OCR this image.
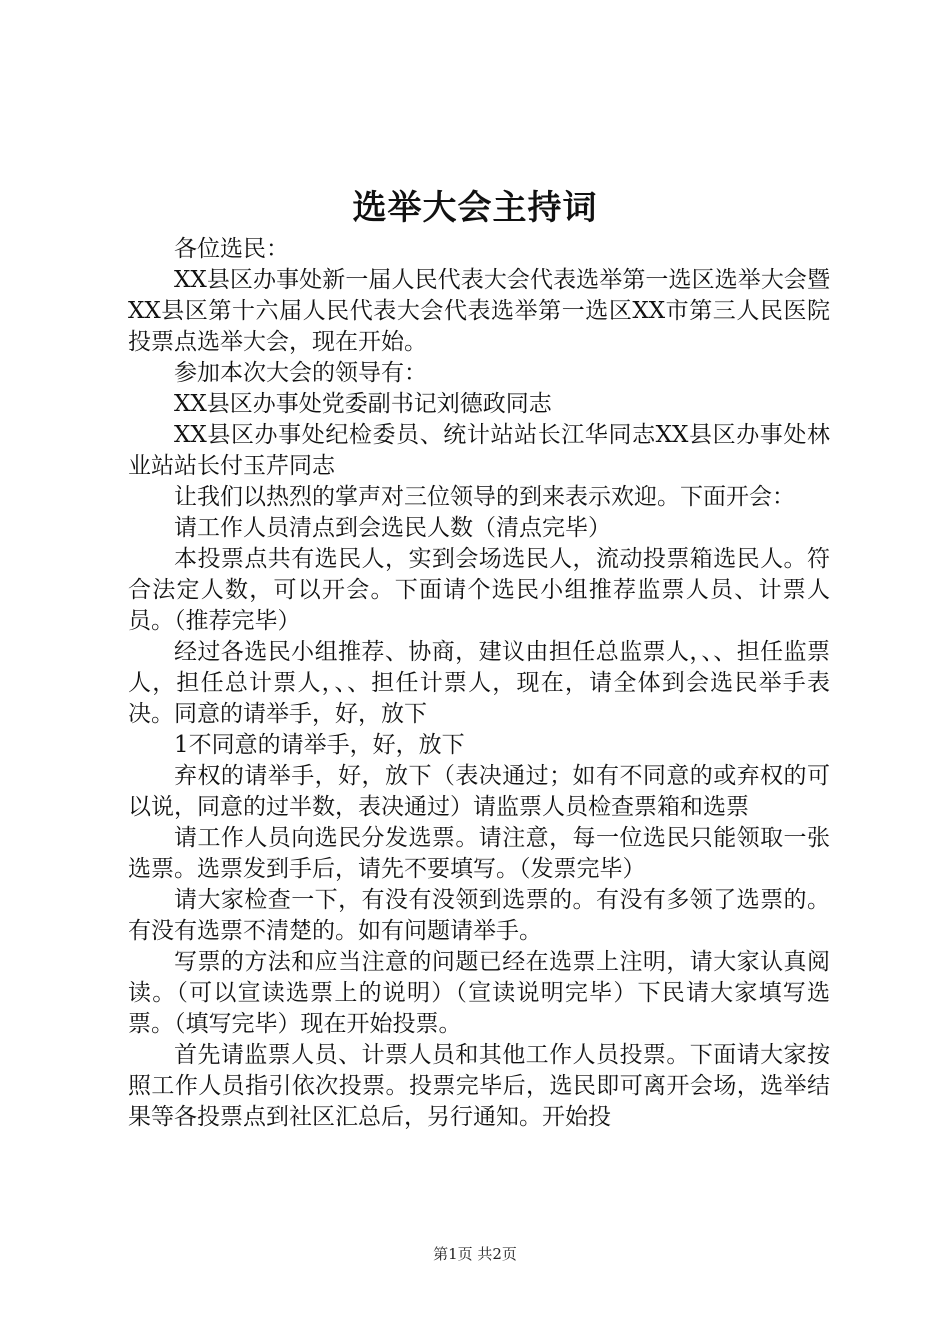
选举大会主持词

各位选民：

XX县区办事处新一届人民代表大会代表选举第一选区选举大会暨XX县区第十六届人民代表大会代表选举第一选区XX市第三人民医院投票点选举大会，现在开始。

参加本次大会的领导有：

XX县区办事处党委副书记刘德政同志

XX县区办事处纪检委员、统计站站长江华同志XX县区办事处林业站站长付玉芹同志

让我们以热烈的掌声对三位领导的到来表示欢迎。下面开会：

请工作人员清点到会选民人数（清点完毕）

本投票点共有选民人，实到会场选民人，流动投票箱选民人。符合法定人数，可以开会。下面请个选民小组推荐监票人员、计票人员。（推荐完毕）

经过各选民小组推荐、协商，建议由担任总监票人，、、担任监票人，担任总计票人，、、担任计票人，现在，请全体到会选民举手表决。同意的请举手，好，放下

1不同意的请举手，好，放下

弃权的请举手，好，放下（表决通过；如有不同意的或弃权的可以说，同意的过半数，表决通过）请监票人员检查票箱和选票

请工作人员向选民分发选票。请注意，每一位选民只能领取一张选票。选票发到手后，请先不要填写。（发票完毕）

请大家检查一下，有没有没领到选票的。有没有多领了选票的。有没有选票不清楚的。如有问题请举手。

写票的方法和应当注意的问题已经在选票上注明，请大家认真阅读。（可以宣读选票上的说明）（宣读说明完毕）下民请大家填写选票。（填写完毕）现在开始投票。

首先请监票人员、计票人员和其他工作人员投票。下面请大家按照工作人员指引依次投票。投票完毕后，选民即可离开会场，选举结果等各投票点到社区汇总后，另行通知。开始投

第1页 共2页
